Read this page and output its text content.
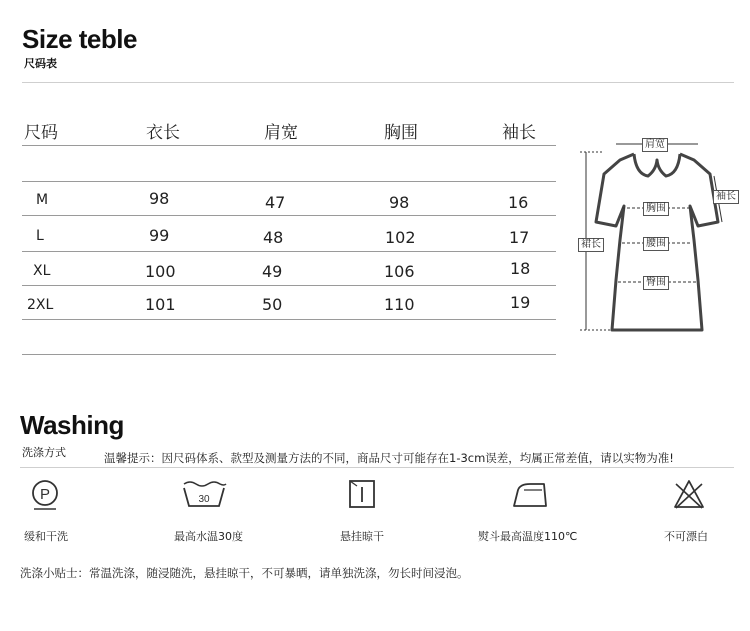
Size teble
尺码表
尺码	衣长	肩宽	胸围	袖长
M	98	47	98	16
L	99	48	102	17
XL	100	49	106	18
2XL	101	50	110	19
肩宽
胸围
腰围
臀围
袖长
裙长
Washing
洗涤方式	温馨提示：因尺码体系、款型及测量方法的不同，商品尺寸可能存在1-3cm误差，均属正常差值，请以实物为准!
P
缓和干洗
30
最高水温30度	悬挂晾干	熨斗最高温度110℃	不可漂白
洗涤小贴士：常温洗涤，随浸随洗，悬挂晾干，不可暴晒，请单独洗涤，勿长时间浸泡。
